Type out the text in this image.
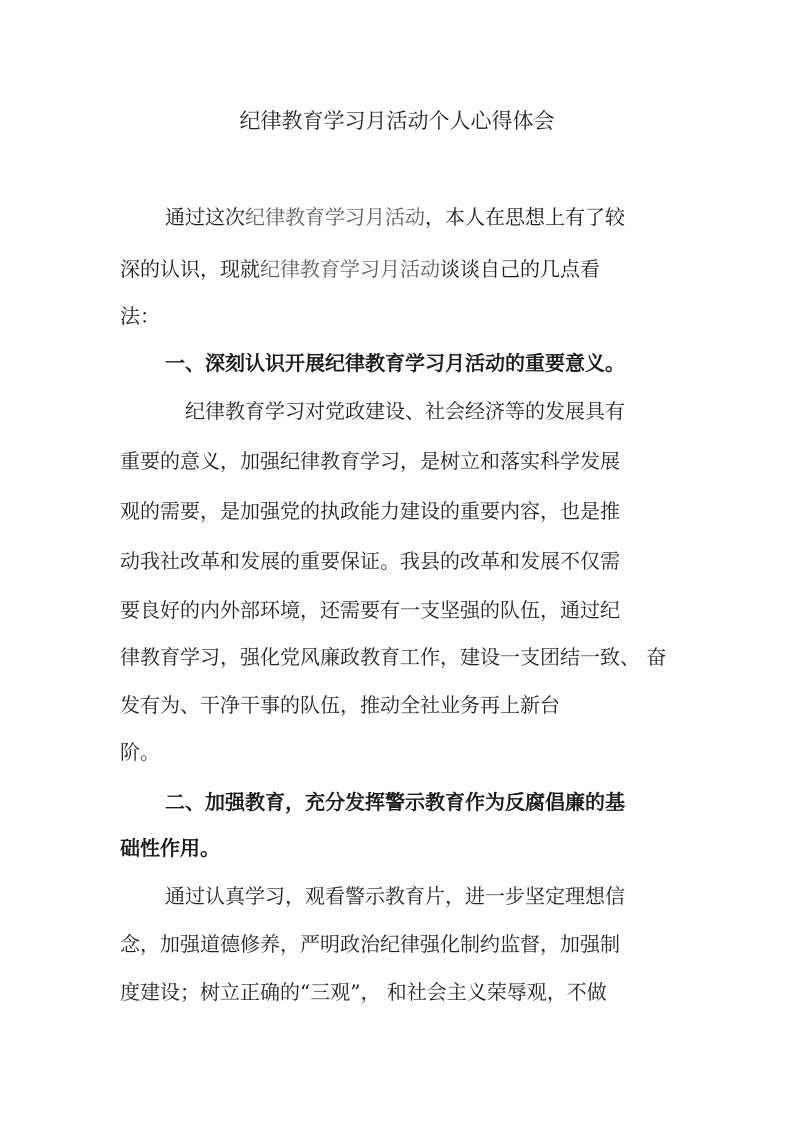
纪律教育学习月活动个人心得体会
通过这次纪律教育学习月活动，本人在思想上有了较
深的认识，现就纪律教育学习月活动谈谈自己的几点看
法：
一、深刻认识开展纪律教育学习月活动的重要意义。
纪律教育学习对党政建设、社会经济等的发展具有
重要的意义，加强纪律教育学习，是树立和落实科学发展
观的需要，是加强党的执政能力建设的重要内容，也是推
动我社改革和发展的重要保证。我县的改革和发展不仅需
要良好的内外部环境，还需要有一支坚强的队伍，通过纪
律教育学习，强化党风廉政教育工作，建设一支团结一致、 奋
发有为、干净干事的队伍，推动全社业务再上新台
阶。
二、加强教育，充分发挥警示教育作为反腐倡廉的基
础性作用。
通过认真学习，观看警示教育片，进一步坚定理想信
念，加强道德修养，严明政治纪律强化制约监督，加强制
度建设；树立正确的“三观”， 和社会主义荣辱观，不做
